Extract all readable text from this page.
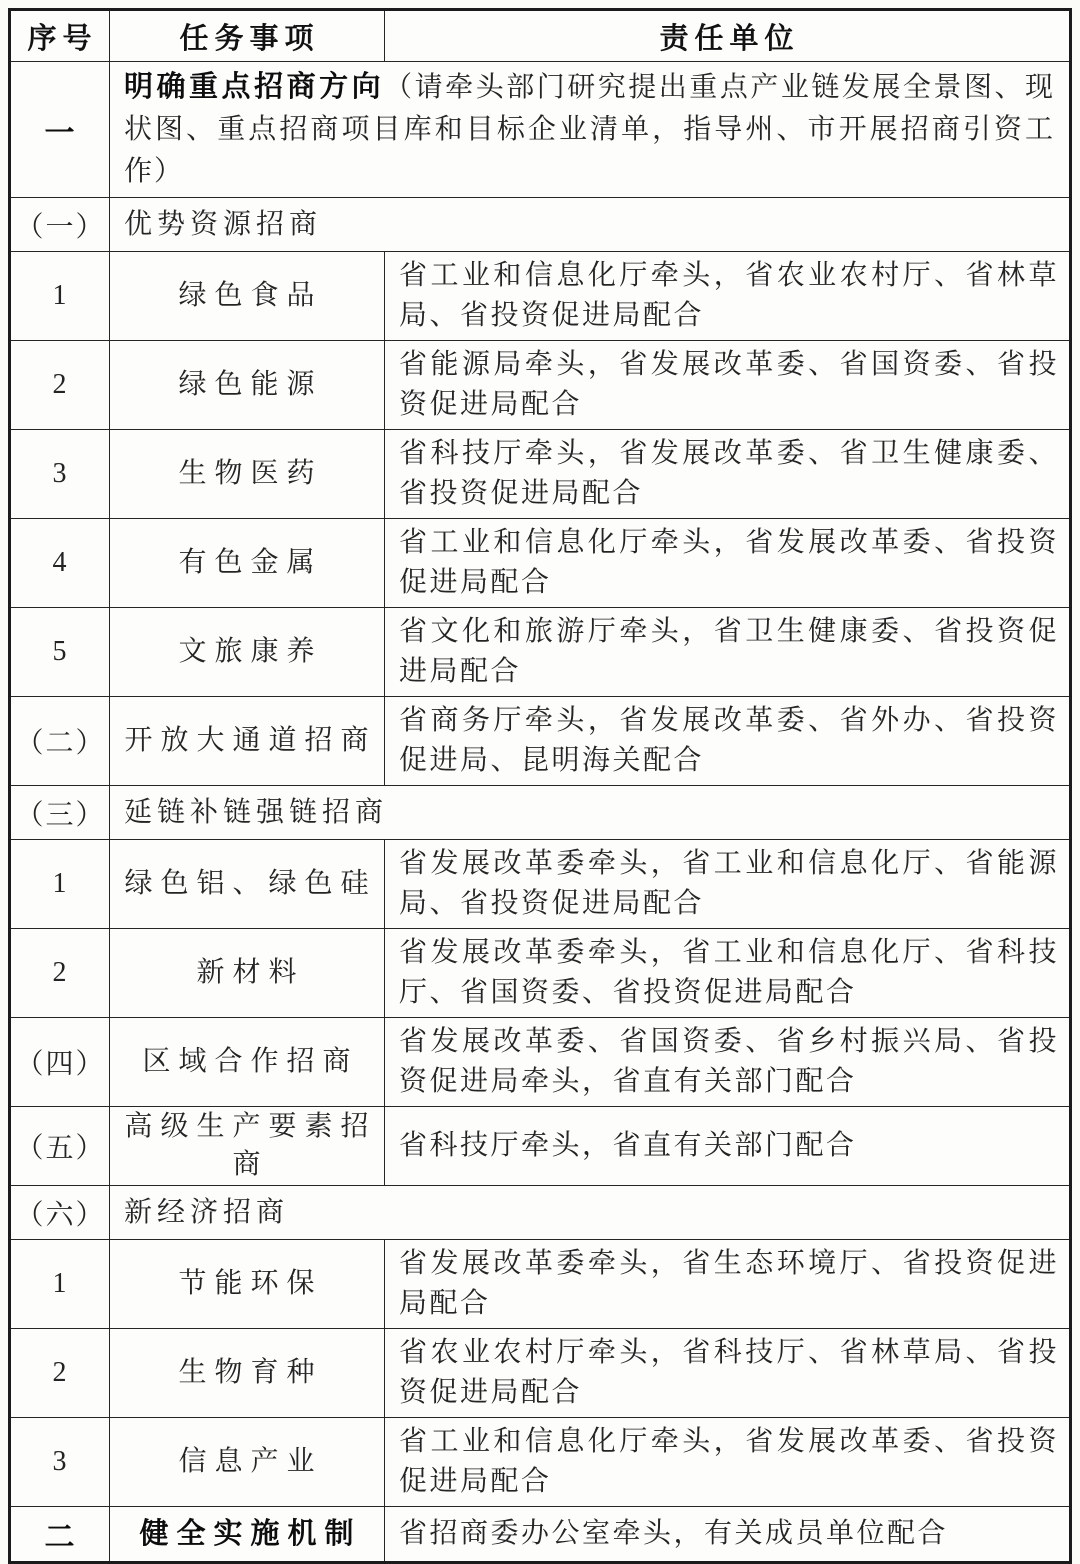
序号	任务事项	责任单位
一	明确重点招商方向（请牵头部门研究提出重点产业链发展全景图、现状图、重点招商项目库和目标企业清单，指导州、市开展招商引资工作）	
（一）	优势资源招商	
1	绿色食品	省工业和信息化厅牵头，省农业农村厅、省林草局、省投资促进局配合
2	绿色能源	省能源局牵头，省发展改革委、省国资委、省投资促进局配合
3	生物医药	省科技厅牵头，省发展改革委、省卫生健康委、省投资促进局配合
4	有色金属	省工业和信息化厅牵头，省发展改革委、省投资促进局配合
5	文旅康养	省文化和旅游厅牵头，省卫生健康委、省投资促进局配合
（二）	开放大通道招商	省商务厅牵头，省发展改革委、省外办、省投资促进局、昆明海关配合
（三）	延链补链强链招商	
1	绿色铝、绿色硅	省发展改革委牵头，省工业和信息化厅、省能源局、省投资促进局配合
2	新材料	省发展改革委牵头，省工业和信息化厅、省科技厅、省国资委、省投资促进局配合
（四）	区域合作招商	省发展改革委、省国资委、省乡村振兴局、省投资促进局牵头，省直有关部门配合
（五）	高级生产要素招商	省科技厅牵头，省直有关部门配合
（六）	新经济招商	
1	节能环保	省发展改革委牵头，省生态环境厅、省投资促进局配合
2	生物育种	省农业农村厅牵头，省科技厅、省林草局、省投资促进局配合
3	信息产业	省工业和信息化厅牵头，省发展改革委、省投资促进局配合
二	健全实施机制	省招商委办公室牵头，有关成员单位配合
